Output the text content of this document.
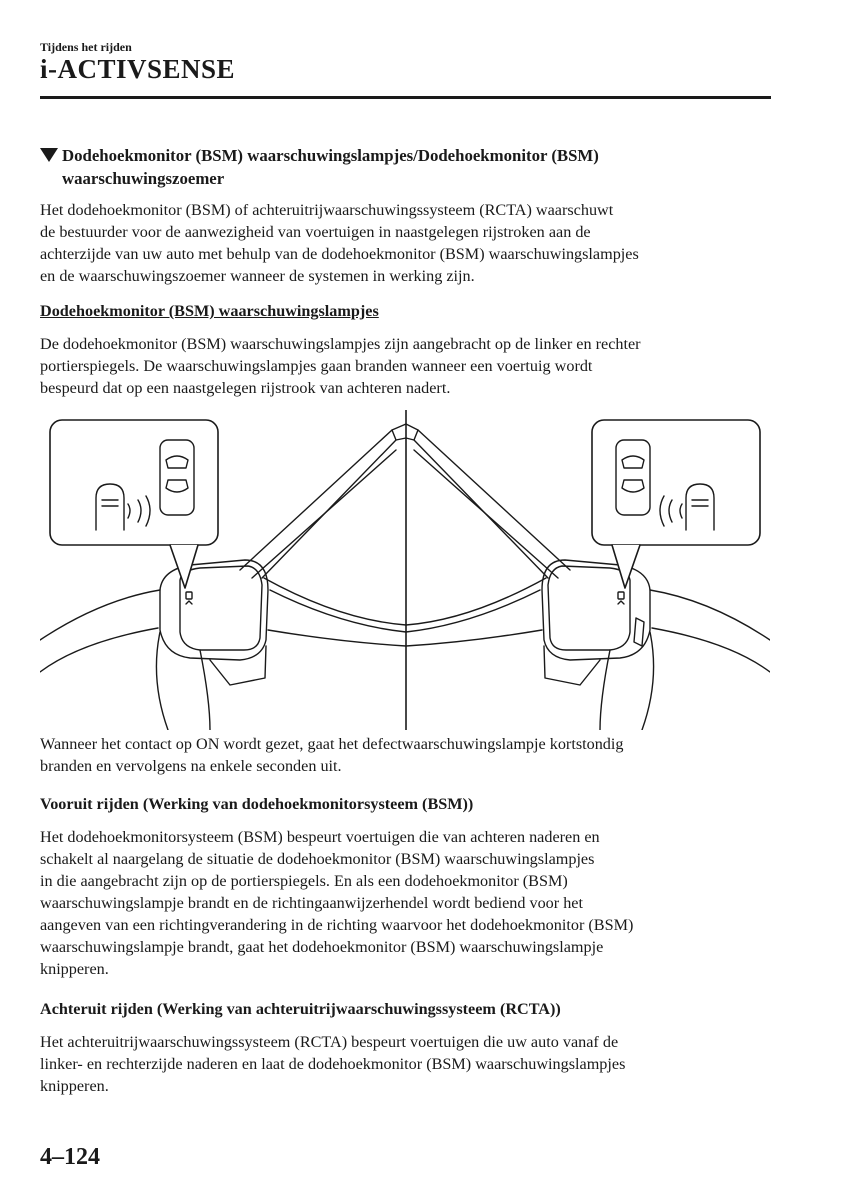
Tijdens het rijden
i-ACTIVSENSE
Dodehoekmonitor (BSM) waarschuwingslampjes/Dodehoekmonitor (BSM)
waarschuwingszoemer
Het dodehoekmonitor (BSM) of achteruitrijwaarschuwingssysteem (RCTA) waarschuwt
de bestuurder voor de aanwezigheid van voertuigen in naastgelegen rijstroken aan de
achterzijde van uw auto met behulp van de dodehoekmonitor (BSM) waarschuwingslampjes
en de waarschuwingszoemer wanneer de systemen in werking zijn.
Dodehoekmonitor (BSM) waarschuwingslampjes
De dodehoekmonitor (BSM) waarschuwingslampjes zijn aangebracht op de linker en rechter
portierspiegels. De waarschuwingslampjes gaan branden wanneer een voertuig wordt
bespeurd dat op een naastgelegen rijstrook van achteren nadert.
Wanneer het contact op ON wordt gezet, gaat het defectwaarschuwingslampje kortstondig
branden en vervolgens na enkele seconden uit.
Vooruit rijden (Werking van dodehoekmonitorsysteem (BSM))
Het dodehoekmonitorsysteem (BSM) bespeurt voertuigen die van achteren naderen en
schakelt al naargelang de situatie de dodehoekmonitor (BSM) waarschuwingslampjes
in die aangebracht zijn op de portierspiegels. En als een dodehoekmonitor (BSM)
waarschuwingslampje brandt en de richtingaanwijzerhendel wordt bediend voor het
aangeven van een richtingverandering in de richting waarvoor het dodehoekmonitor (BSM)
waarschuwingslampje brandt, gaat het dodehoekmonitor (BSM) waarschuwingslampje
knipperen.
Achteruit rijden (Werking van achteruitrijwaarschuwingssysteem (RCTA))
Het achteruitrijwaarschuwingssysteem (RCTA) bespeurt voertuigen die uw auto vanaf de
linker- en rechterzijde naderen en laat de dodehoekmonitor (BSM) waarschuwingslampjes
knipperen.
4–124
